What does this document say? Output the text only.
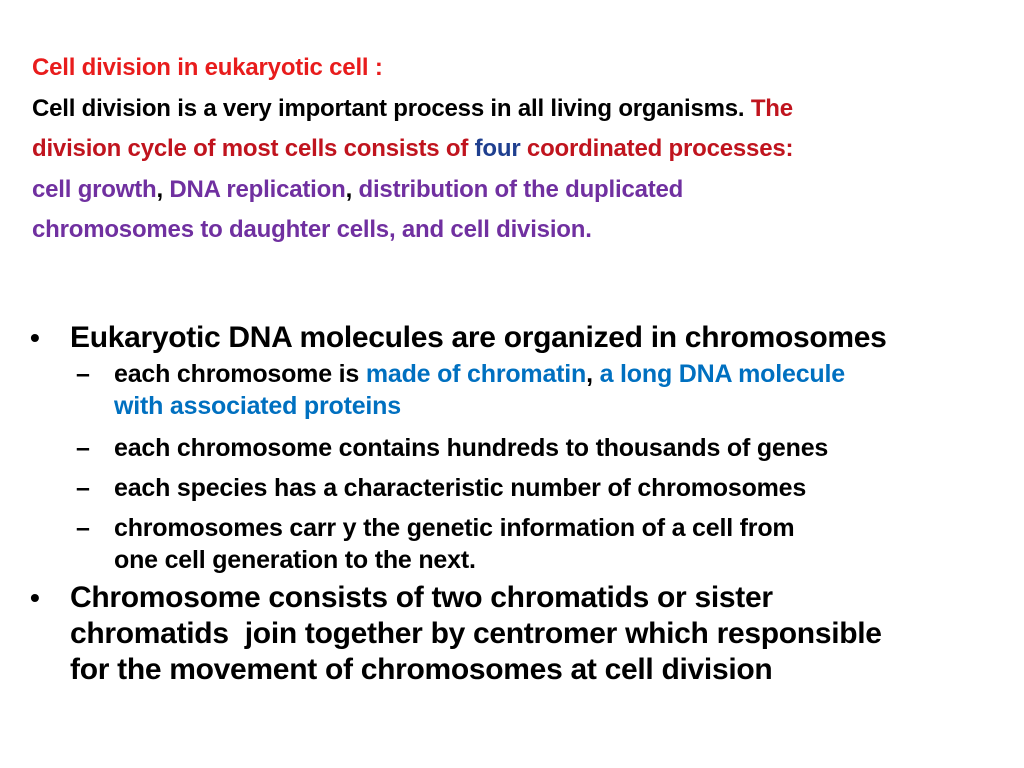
Cell division in eukaryotic cell :
Cell division is a very important process in all living organisms. The
division cycle of most cells consists of four coordinated processes:
cell growth, DNA replication, distribution of the duplicated
chromosomes to daughter cells, and cell division.
• Eukaryotic DNA molecules are organized in chromosomes
– each chromosome is made of chromatin, a long DNA molecule
with associated proteins
– each chromosome contains hundreds to thousands of genes
– each species has a characteristic number of chromosomes
– chromosomes carr y the genetic information of a cell from
one cell generation to the next.
• Chromosome consists of two chromatids or sister
chromatids  join together by centromer which responsible
for the movement of chromosomes at cell division
